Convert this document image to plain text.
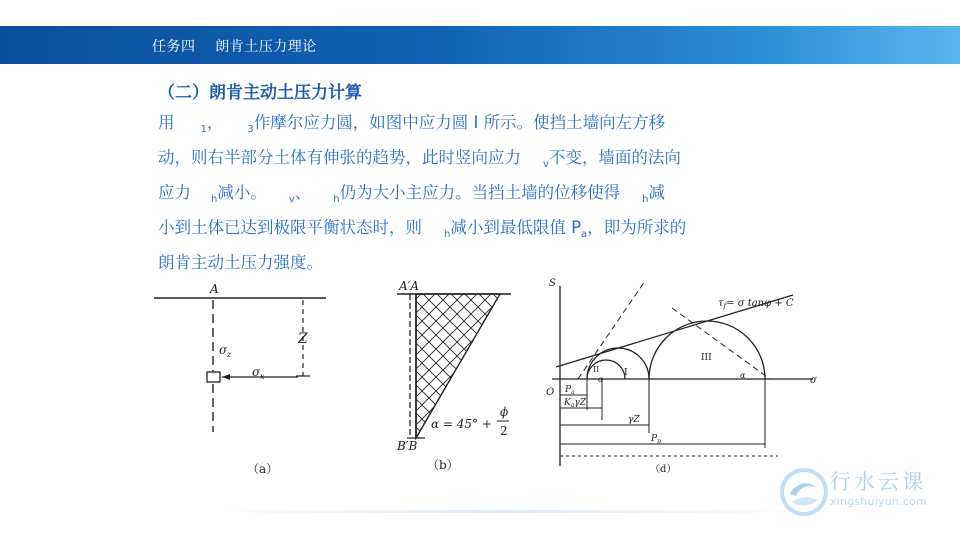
任务四    朗肯土压力理论
（二）朗肯主动土压力计算
用	$_1$， $_3$作摩尔应力圆，如图中应力圆 I 所示。使挡土墙向左方移
动，则右半部分土体有伸张的趋势，此时竖向应力 $_v$不变，墙面的法向
应力 $_h$减小。 $_v$、 $_h$仍为大小主应力。当挡土墙的位移使得 $_h$减
小到土体已达到极限平衡状态时，则 $_h$减小到最低限值 $P_a$，即为所求的
朗肯主动土压力强度。
A
Z
σ z
σ x
（a）
A′A
B′B
α = 45° +
ϕ
2
（b）
S
O
σ
$\tau_f= \sigma$ tanφ + C
I
II
III
α	α
$P_a$
$K_a\gamma Z$
γZ
$P_p$
（d）
行水云课
xingshuiyun.com
